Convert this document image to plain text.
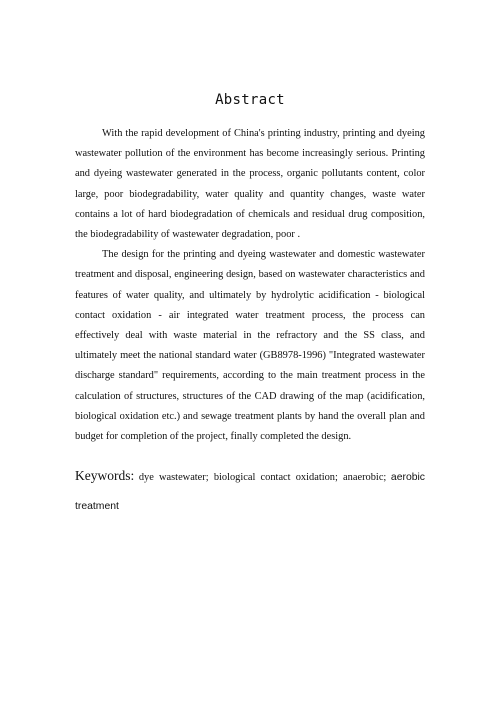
Abstract

With the rapid development of China's printing industry, printing and dyeing wastewater pollution of the environment has become increasingly serious. Printing and dyeing wastewater generated in the process, organic pollutants content, color large, poor biodegradability, water quality and quantity changes, waste water contains a lot of hard biodegradation of chemicals and residual drug composition, the biodegradability of wastewater degradation, poor .

The design for the printing and dyeing wastewater and domestic wastewater treatment and disposal, engineering design, based on wastewater characteristics and features of water quality, and ultimately by hydrolytic acidification - biological contact oxidation - air integrated water treatment process, the process can effectively deal with waste material in the refractory and the SS class, and ultimately meet the national standard water (GB8978-1996) "Integrated wastewater discharge standard" requirements, according to the main treatment process in the calculation of structures, structures of the CAD drawing of the map (acidification, biological oxidation etc.) and sewage treatment plants by hand the overall plan and budget for completion of the project, finally completed the design.

Keywords: dye wastewater; biological contact oxidation; anaerobic; aerobic treatment
